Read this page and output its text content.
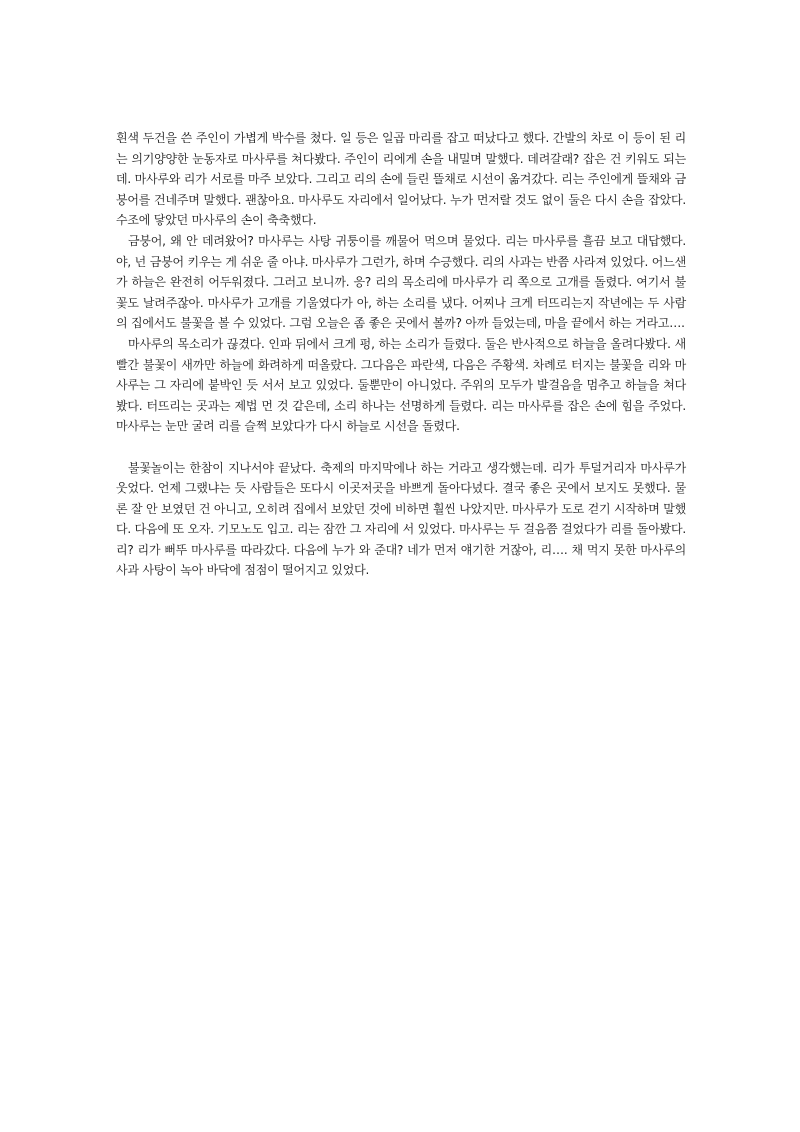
흰색 두건을 쓴 주인이 가볍게 박수를 쳤다. 일 등은 일곱 마리를 잡고 떠났다고 했다. 간발의 차로 이 등이 된 리는 의기양양한 눈동자로 마사루를 쳐다봤다. 주인이 리에게 손을 내밀며 말했다. 데려갈래? 잡은 건 키워도 되는데. 마사루와 리가 서로를 마주 보았다. 그리고 리의 손에 들린 뜰채로 시선이 옮겨갔다. 리는 주인에게 뜰채와 금붕어를 건네주며 말했다. 괜찮아요. 마사루도 자리에서 일어났다. 누가 먼저랄 것도 없이 둘은 다시 손을 잡았다. 수조에 닿았던 마사루의 손이 축축했다.

금붕어, 왜 안 데려왔어? 마사루는 사탕 귀퉁이를 깨물어 먹으며 물었다. 리는 마사루를 흘끔 보고 대답했다. 야, 넌 금붕어 키우는 게 쉬운 줄 아냐. 마사루가 그런가, 하며 수긍했다. 리의 사과는 반쯤 사라져 있었다. 어느샌가 하늘은 완전히 어두워졌다. 그러고 보니까. 응? 리의 목소리에 마사루가 리 쪽으로 고개를 돌렸다. 여기서 불꽃도 날려주잖아. 마사루가 고개를 기울였다가 아, 하는 소리를 냈다. 어찌나 크게 터뜨리는지 작년에는 두 사람의 집에서도 불꽃을 볼 수 있었다. 그럼 오늘은 좀 좋은 곳에서 볼까? 아까 들었는데, 마을 끝에서 하는 거라고….

마사루의 목소리가 끊겼다. 인파 뒤에서 크게 펑, 하는 소리가 들렸다. 둘은 반사적으로 하늘을 올려다봤다. 새빨간 불꽃이 새까만 하늘에 화려하게 떠올랐다. 그다음은 파란색, 다음은 주황색. 차례로 터지는 불꽃을 리와 마사루는 그 자리에 붙박인 듯 서서 보고 있었다. 둘뿐만이 아니었다. 주위의 모두가 발걸음을 멈추고 하늘을 쳐다봤다. 터뜨리는 곳과는 제법 먼 것 같은데, 소리 하나는 선명하게 들렸다. 리는 마사루를 잡은 손에 힘을 주었다. 마사루는 눈만 굴려 리를 슬쩍 보았다가 다시 하늘로 시선을 돌렸다.

불꽃놀이는 한참이 지나서야 끝났다. 축제의 마지막에나 하는 거라고 생각했는데. 리가 투덜거리자 마사루가 웃었다. 언제 그랬냐는 듯 사람들은 또다시 이곳저곳을 바쁘게 돌아다녔다. 결국 좋은 곳에서 보지도 못했다. 물론 잘 안 보였던 건 아니고, 오히려 집에서 보았던 것에 비하면 훨씬 나았지만. 마사루가 도로 걷기 시작하며 말했다. 다음에 또 오자. 기모노도 입고. 리는 잠깐 그 자리에 서 있었다. 마사루는 두 걸음쯤 걸었다가 리를 돌아봤다. 리? 리가 뻐뚜 마사루를 따라갔다. 다음에 누가 와 준대? 네가 먼저 얘기한 거잖아, 리…. 채 먹지 못한 마사루의 사과 사탕이 녹아 바닥에 점점이 떨어지고 있었다.
